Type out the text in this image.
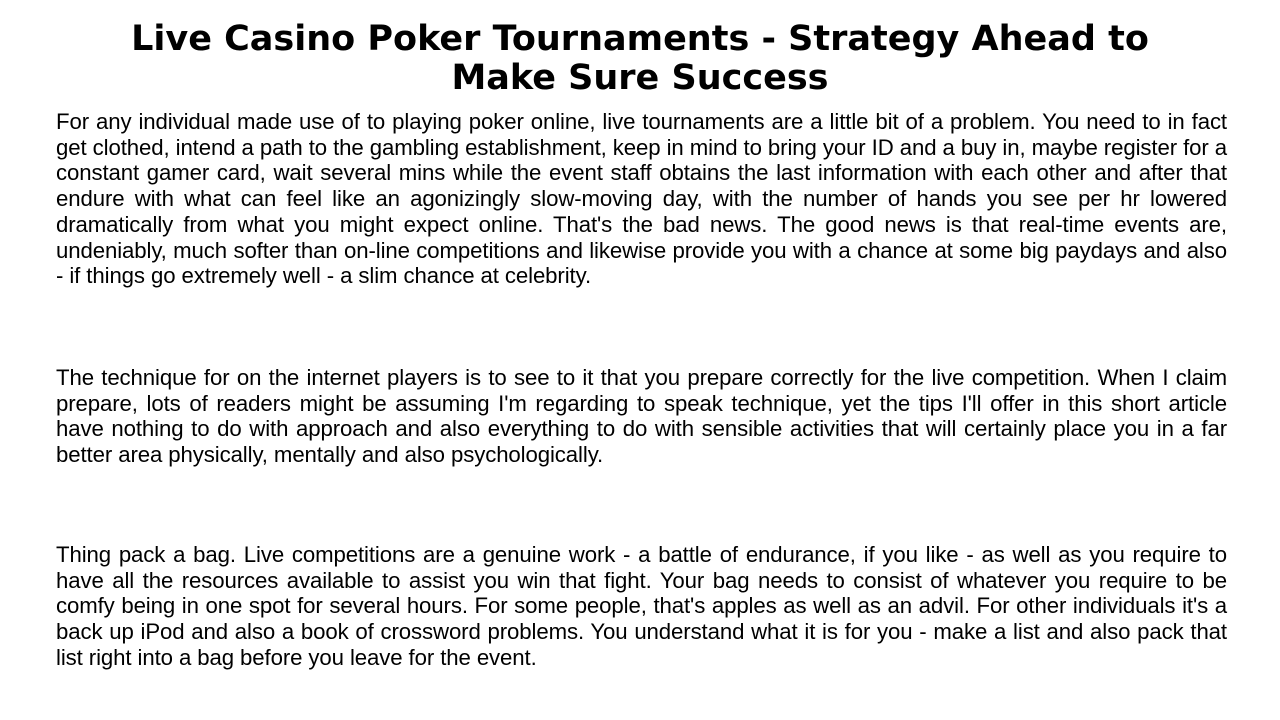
Live Casino Poker Tournaments - Strategy Ahead to Make Sure Success

For any individual made use of to playing poker online, live tournaments are a little bit of a problem. You need to in fact get clothed, intend a path to the gambling establishment, keep in mind to bring your ID and a buy in, maybe register for a constant gamer card, wait several mins while the event staff obtains the last information with each other and after that endure with what can feel like an agonizingly slow-moving day, with the number of hands you see per hr lowered dramatically from what you might expect online. That's the bad news. The good news is that real-time events are, undeniably, much softer than on-line competitions and likewise provide you with a chance at some big paydays and also - if things go extremely well - a slim chance at celebrity.

The technique for on the internet players is to see to it that you prepare correctly for the live competition. When I claim prepare, lots of readers might be assuming I'm regarding to speak technique, yet the tips I'll offer in this short article have nothing to do with approach and also everything to do with sensible activities that will certainly place you in a far better area physically, mentally and also psychologically.

Thing pack a bag. Live competitions are a genuine work - a battle of endurance, if you like - as well as you require to have all the resources available to assist you win that fight. Your bag needs to consist of whatever you require to be comfy being in one spot for several hours. For some people, that's apples as well as an advil. For other individuals it's a back up iPod and also a book of crossword problems. You understand what it is for you - make a list and also pack that list right into a bag before you leave for the event.
